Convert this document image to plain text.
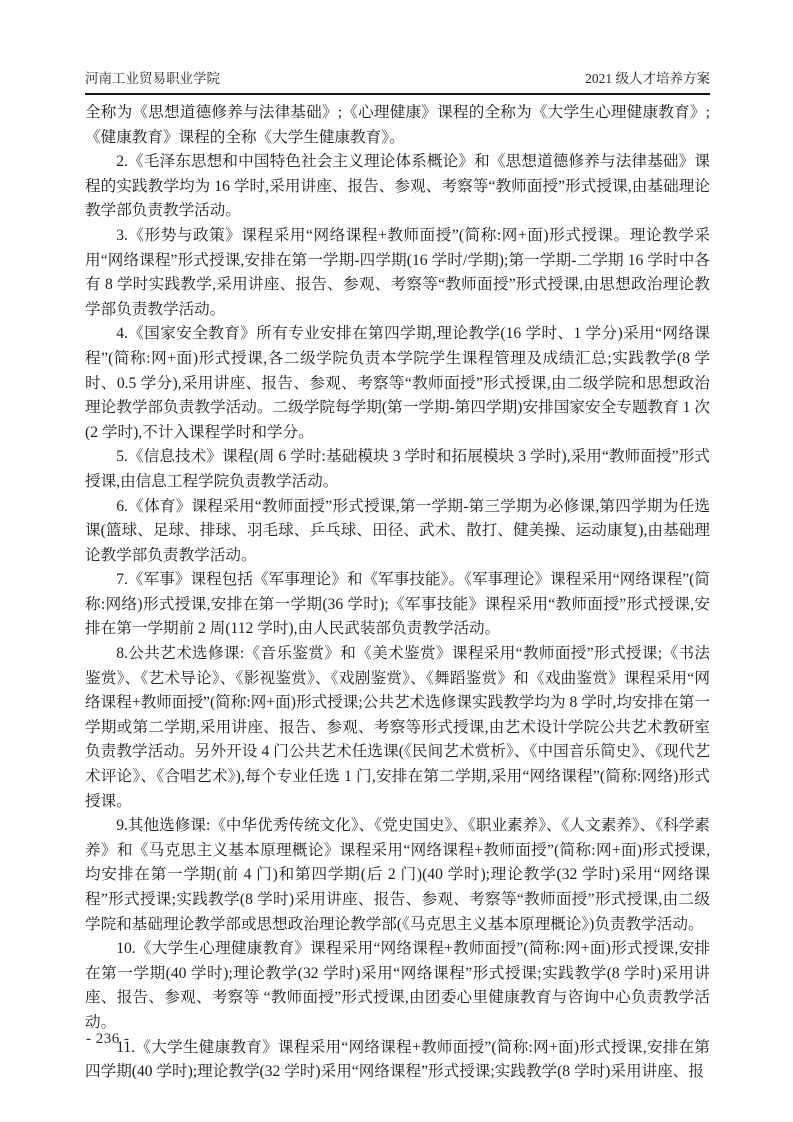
河南工业贸易职业学院	2021 级人才培养方案

全称为《思想道德修养与法律基础》;《心理健康》课程的全称为《大学生心理健康教育》;《健康教育》课程的全称《大学生健康教育》。

2.《毛泽东思想和中国特色社会主义理论体系概论》和《思想道德修养与法律基础》课程的实践教学均为 16 学时,采用讲座、报告、参观、考察等“教师面授”形式授课,由基础理论教学部负责教学活动。

3.《形势与政策》课程采用“网络课程+教师面授”(简称:网+面)形式授课。理论教学采用“网络课程”形式授课,安排在第一学期-四学期(16 学时/学期);第一学期-二学期 16 学时中各有 8 学时实践教学,采用讲座、报告、参观、考察等“教师面授”形式授课,由思想政治理论教学部负责教学活动。

4.《国家安全教育》所有专业安排在第四学期,理论教学(16 学时、1 学分)采用“网络课程”(简称:网+面)形式授课,各二级学院负责本学院学生课程管理及成绩汇总;实践教学(8 学时、0.5 学分),采用讲座、报告、参观、考察等“教师面授”形式授课,由二级学院和思想政治理论教学部负责教学活动。二级学院每学期(第一学期-第四学期)安排国家安全专题教育 1 次(2 学时),不计入课程学时和学分。

5.《信息技术》课程(周 6 学时:基础模块 3 学时和拓展模块 3 学时),采用“教师面授”形式授课,由信息工程学院负责教学活动。

6.《体育》课程采用“教师面授”形式授课,第一学期-第三学期为必修课,第四学期为任选课(篮球、足球、排球、羽毛球、乒乓球、田径、武术、散打、健美操、运动康复),由基础理论教学部负责教学活动。

7.《军事》课程包括《军事理论》和《军事技能》。《军事理论》课程采用“网络课程”(简称:网络)形式授课,安排在第一学期(36 学时);《军事技能》课程采用“教师面授”形式授课,安排在第一学期前 2 周(112 学时),由人民武装部负责教学活动。

8.公共艺术选修课:《音乐鉴赏》和《美术鉴赏》课程采用“教师面授”形式授课;《书法鉴赏》、《艺术导论》、《影视鉴赏》、《戏剧鉴赏》、《舞蹈鉴赏》和《戏曲鉴赏》课程采用“网络课程+教师面授”(简称:网+面)形式授课;公共艺术选修课实践教学均为 8 学时,均安排在第一学期或第二学期,采用讲座、报告、参观、考察等形式授课,由艺术设计学院公共艺术教研室负责教学活动。另外开设 4 门公共艺术任选课(《民间艺术赏析》、《中国音乐简史》、《现代艺术评论》、《合唱艺术》),每个专业任选 1 门,安排在第二学期,采用“网络课程”(简称:网络)形式授课。

9.其他选修课:《中华优秀传统文化》、《党史国史》、《职业素养》、《人文素养》、《科学素养》和《马克思主义基本原理概论》课程采用“网络课程+教师面授”(简称:网+面)形式授课,均安排在第一学期(前 4 门)和第四学期(后 2 门)(40 学时);理论教学(32 学时)采用“网络课程”形式授课;实践教学(8 学时)采用讲座、报告、参观、考察等“教师面授”形式授课,由二级学院和基础理论教学部或思想政治理论教学部(《马克思主义基本原理概论》)负责教学活动。

10.《大学生心理健康教育》课程采用“网络课程+教师面授”(简称:网+面)形式授课,安排在第一学期(40 学时);理论教学(32 学时)采用“网络课程”形式授课;实践教学(8 学时)采用讲座、报告、参观、考察等 “教师面授”形式授课,由团委心里健康教育与咨询中心负责教学活动。

11.《大学生健康教育》课程采用“网络课程+教师面授”(简称:网+面)形式授课,安排在第四学期(40 学时);理论教学(32 学时)采用“网络课程”形式授课;实践教学(8 学时)采用讲座、报

- 236 -
